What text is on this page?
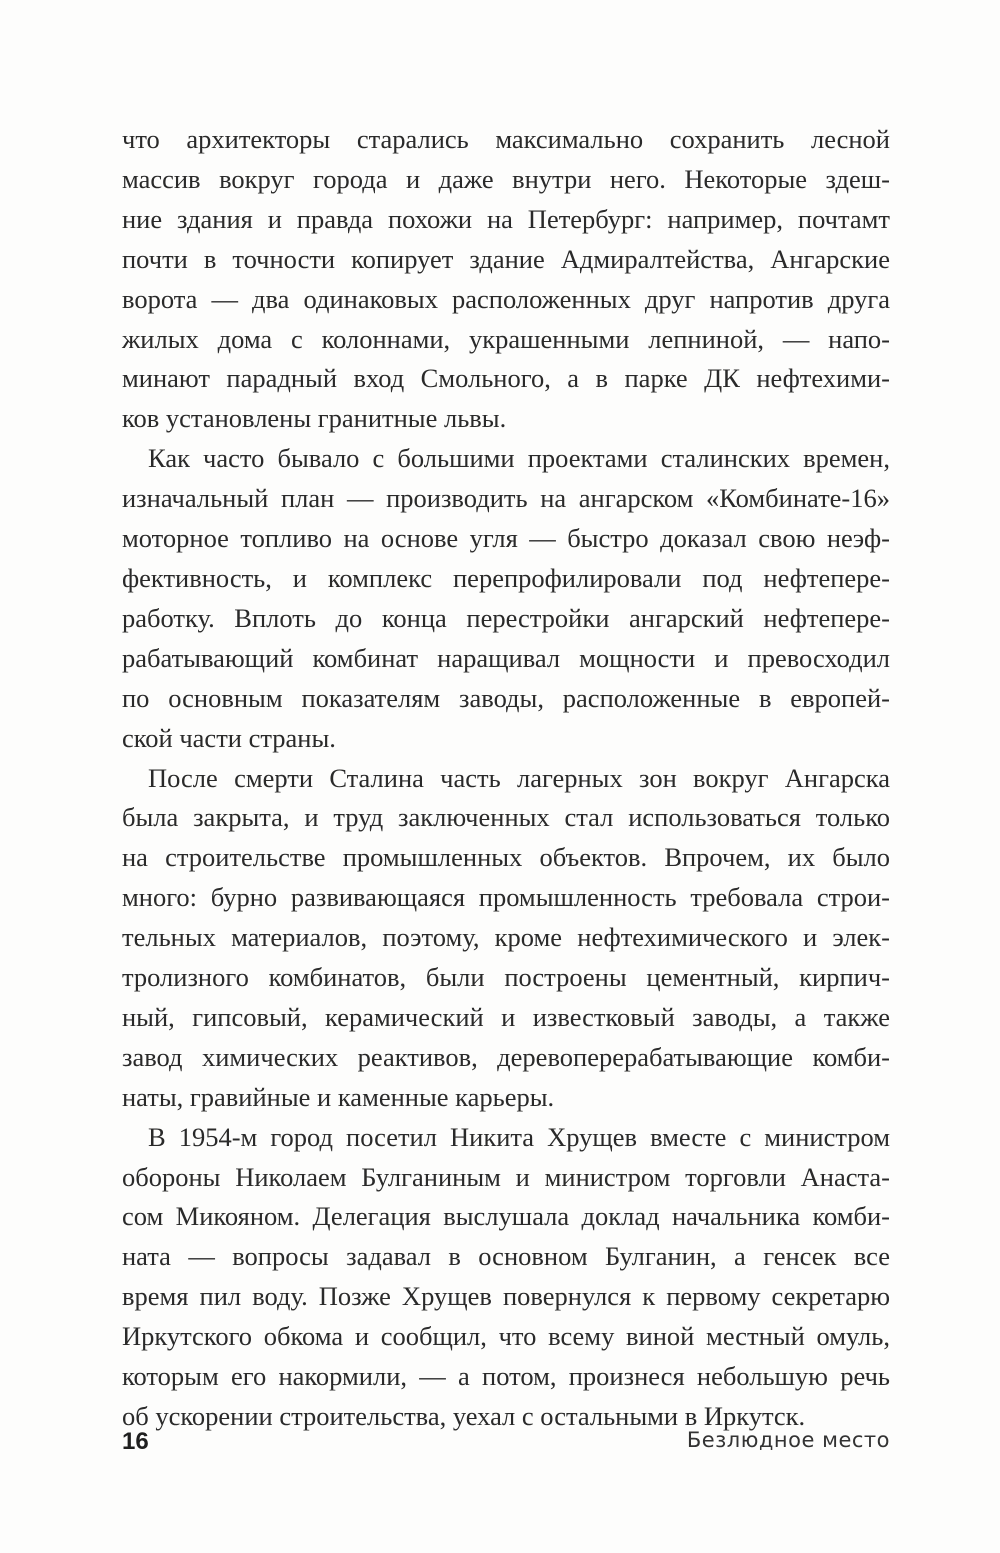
что архитекторы старались максимально сохранить лесной
массив вокруг города и даже внутри него. Некоторые здеш-
ние здания и правда похожи на Петербург: например, почтамт
почти в точности копирует здание Адмиралтейства, Ангарские
ворота — два одинаковых расположенных друг напротив друга
жилых дома с колоннами, украшенными лепниной, — напо-
минают парадный вход Смольного, а в парке ДК нефтехими-
ков установлены гранитные львы.

Как часто бывало с большими проектами сталинских времен,
изначальный план — производить на ангарском «Комбинате-16»
моторное топливо на основе угля — быстро доказал свою неэф-
фективность, и комплекс перепрофилировали под нефтепере-
работку. Вплоть до конца перестройки ангарский нефтепере-
рабатывающий комбинат наращивал мощности и превосходил
по основным показателям заводы, расположенные в европей-
ской части страны.

После смерти Сталина часть лагерных зон вокруг Ангарска
была закрыта, и труд заключенных стал использоваться только
на строительстве промышленных объектов. Впрочем, их было
много: бурно развивающаяся промышленность требовала строи-
тельных материалов, поэтому, кроме нефтехимического и элек-
тролизного комбинатов, были построены цементный, кирпич-
ный, гипсовый, керамический и известковый заводы, а также
завод химических реактивов, деревоперерабатывающие комби-
наты, гравийные и каменные карьеры.

В 1954-м город посетил Никита Хрущев вместе с министром
обороны Николаем Булганиным и министром торговли Анаста-
сом Микояном. Делегация выслушала доклад начальника комби-
ната — вопросы задавал в основном Булганин, а генсек все
время пил воду. Позже Хрущев повернулся к первому секретарю
Иркутского обкома и сообщил, что всему виной местный омуль,
которым его накормили, — а потом, произнеся небольшую речь
об ускорении строительства, уехал с остальными в Иркутск.

16	Безлюдное место
